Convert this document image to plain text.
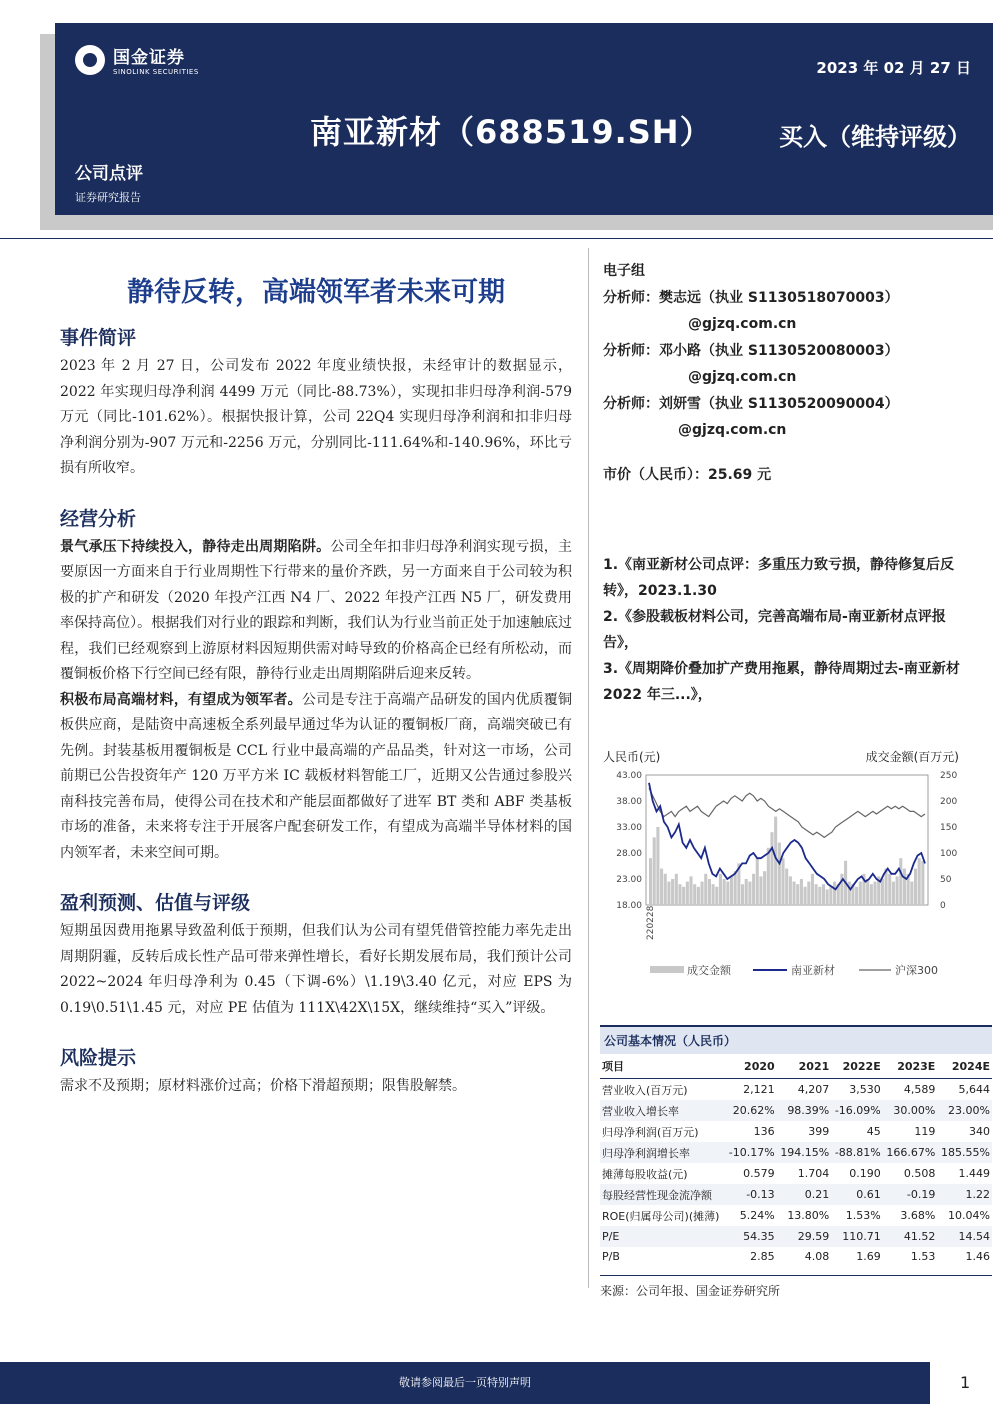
国金证券
SINOLINK SECURITIES	2023 年 02 月 27 日
南亚新材（688519.SH）	买入（维持评级）
公司点评
证券研究报告
静待反转，高端领军者未来可期
事件简评

2023 年 2 月 27 日，公司发布 2022 年度业绩快报，未经审计的数据显示，2022 年实现归母净利润 4499 万元（同比-88.73%），实现扣非归母净利润-579 万元（同比-101.62%）。根据快报计算，公司 22Q4 实现归母净利润和扣非归母净利润分别为-907 万元和-2256 万元，分别同比-111.64%和-140.96%，环比亏损有所收窄。

经营分析

景气承压下持续投入，静待走出周期陷阱。公司全年扣非归母净利润实现亏损，主要原因一方面来自于行业周期性下行带来的量价齐跌，另一方面来自于公司较为积极的扩产和研发（2020 年投产江西 N4 厂、2022 年投产江西 N5 厂，研发费用率保持高位）。根据我们对行业的跟踪和判断，我们认为行业当前正处于加速触底过程，我们已经观察到上游原材料因短期供需对峙导致的价格高企已经有所松动，而覆铜板价格下行空间已经有限，静待行业走出周期陷阱后迎来反转。

积极布局高端材料，有望成为领军者。公司是专注于高端产品研发的国内优质覆铜板供应商，是陆资中高速板全系列最早通过华为认证的覆铜板厂商，高端突破已有先例。封装基板用覆铜板是 CCL 行业中最高端的产品品类，针对这一市场，公司前期已公告投资年产 120 万平方米 IC 载板材料智能工厂，近期又公告通过参股兴南科技完善布局，使得公司在技术和产能层面都做好了进军 BT 类和 ABF 类基板市场的准备，未来将专注于开展客户配套研发工作，有望成为高端半导体材料的国内领军者，未来空间可期。

盈利预测、估值与评级

短期虽因费用拖累导致盈利低于预期，但我们认为公司有望凭借管控能力率先走出周期阴霾，反转后成长性产品可带来弹性增长，看好长期发展布局，我们预计公司 2022~2024 年归母净利为 0.45（下调-6%）\1.19\3.40 亿元，对应 EPS 为 0.19\0.51\1.45 元，对应 PE 估值为 111X\42X\15X，继续维持“买入”评级。

风险提示

需求不及预期；原材料涨价过高；价格下滑超预期；限售股解禁。

电子组
分析师：樊志远（执业 S1130518070003）
@gjzq.com.cn
分析师：邓小路（执业 S1130520080003）
@gjzq.com.cn
分析师：刘妍雪（执业 S1130520090004）
@gjzq.com.cn
市价（人民币）：25.69 元
1.《南亚新材公司点评：多重压力致亏损，静待修复后反转》，2023.1.30
2.《参股载板材料公司，完善高端布局-南亚新材点评报告》，
3.《周期降价叠加扩产费用拖累，静待周期过去-南亚新材 2022 年三...》，
人民币(元)	成交金额(百万元)
43.00
38.00
33.00
28.00
23.00
18.00
250
200
150
100
50
0
220228
成交金额	南亚新材	沪深300
公司基本情况（人民币）
项目	2020	2021	2022E	2023E	2024E
营业收入(百万元)	2,121	4,207	3,530	4,589	5,644
营业收入增长率	20.62%	98.39%	-16.09%	30.00%	23.00%
归母净利润(百万元)	136	399	45	119	340
归母净利润增长率	-10.17%	194.15%	-88.81%	166.67%	185.55%
摊薄每股收益(元)	0.579	1.704	0.190	0.508	1.449
每股经营性现金流净额	-0.13	0.21	0.61	-0.19	1.22
ROE(归属母公司)(摊薄)	5.24%	13.80%	1.53%	3.68%	10.04%
P/E	54.35	29.59	110.71	41.52	14.54
P/B	2.85	4.08	1.69	1.53	1.46
来源：公司年报、国金证券研究所
敬请参阅最后一页特别声明	1
